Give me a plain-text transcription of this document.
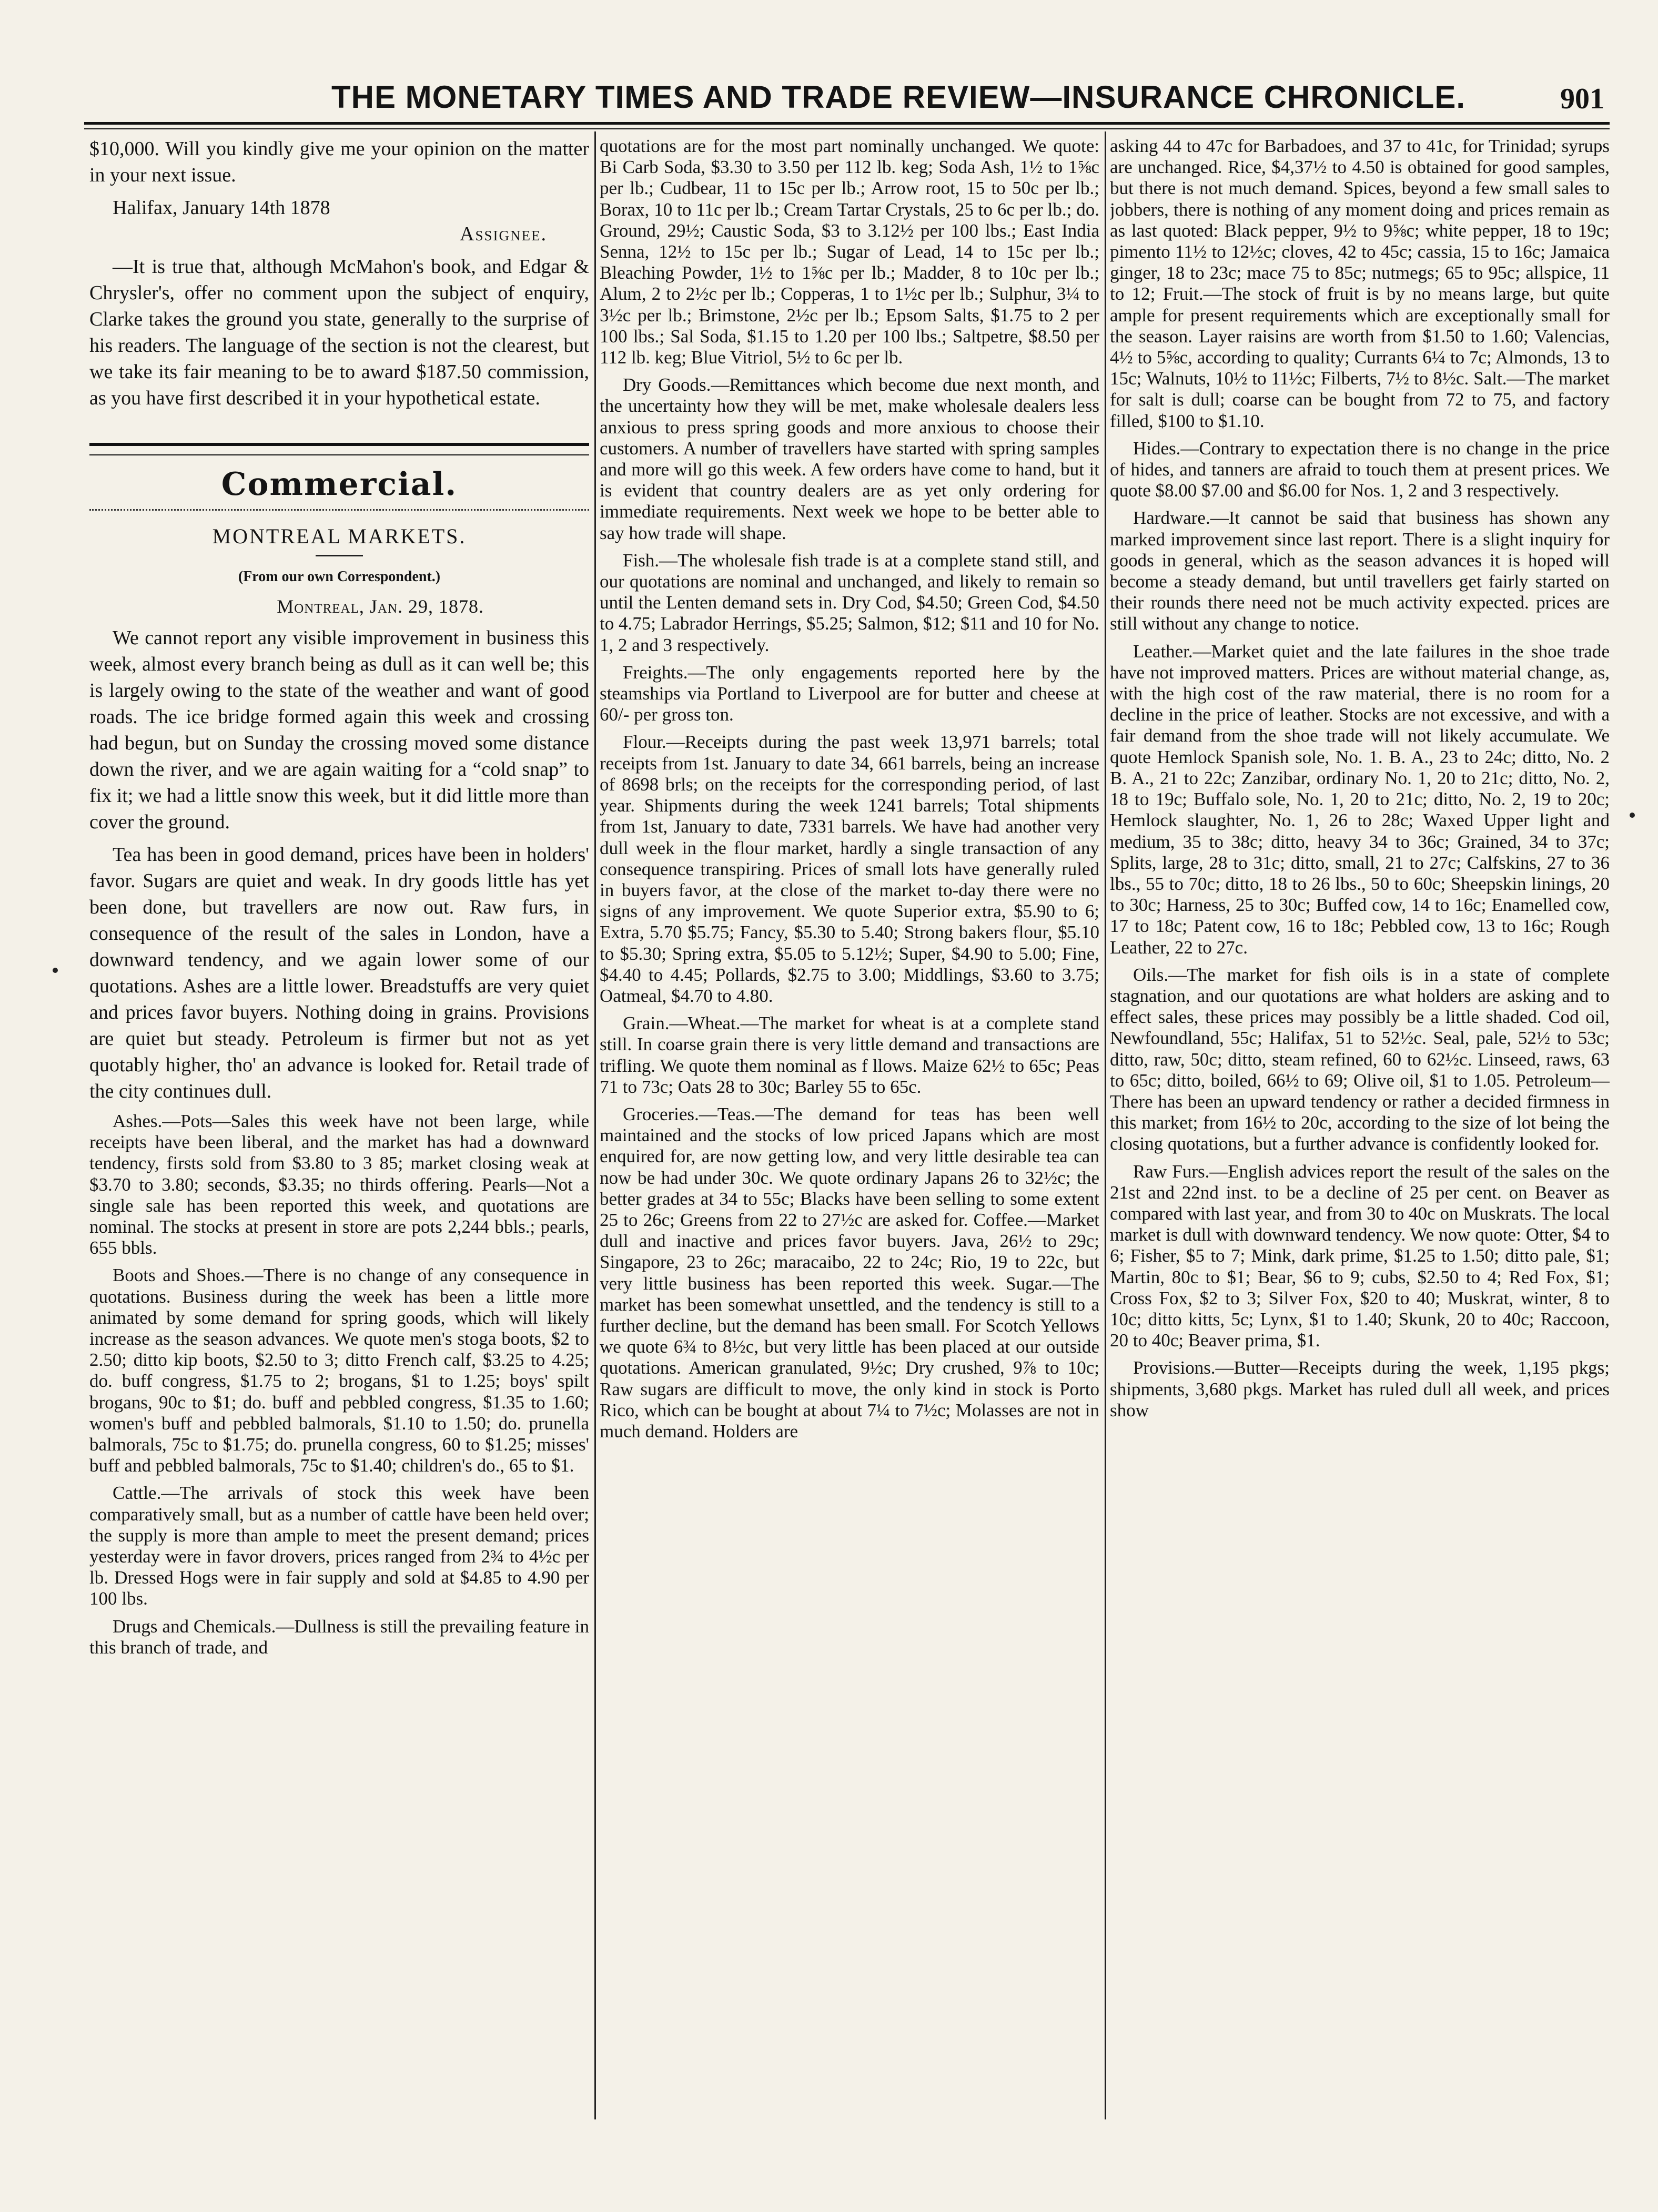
THE MONETARY TIMES AND TRADE REVIEW—INSURANCE CHRONICLE.	901

$10,000. Will you kindly give me your opinion on the matter in your next issue.

Halifax, January 14th 1878

Assignee.

—It is true that, although McMahon's book, and Edgar & Chrysler's, offer no comment upon the subject of enquiry, Clarke takes the ground you state, generally to the surprise of his readers. The language of the section is not the clearest, but we take its fair meaning to be to award $187.50 commission, as you have first described it in your hypothetical estate.

Commercial.
MONTREAL MARKETS.
(From our own Correspondent.)
Montreal, Jan. 29, 1878.

We cannot report any visible improvement in business this week, almost every branch being as dull as it can well be; this is largely owing to the state of the weather and want of good roads. The ice bridge formed again this week and crossing had begun, but on Sunday the crossing moved some distance down the river, and we are again waiting for a “cold snap” to fix it; we had a little snow this week, but it did little more than cover the ground.

Tea has been in good demand, prices have been in holders' favor. Sugars are quiet and weak. In dry goods little has yet been done, but travellers are now out. Raw furs, in consequence of the result of the sales in London, have a downward tendency, and we again lower some of our quotations. Ashes are a little lower. Breadstuffs are very quiet and prices favor buyers. Nothing doing in grains. Provisions are quiet but steady. Petroleum is firmer but not as yet quotably higher, tho' an advance is looked for. Retail trade of the city continues dull.

Ashes.—Pots—Sales this week have not been large, while receipts have been liberal, and the market has had a downward tendency, firsts sold from $3.80 to 3 85; market closing weak at $3.70 to 3.80; seconds, $3.35; no thirds offering. Pearls—Not a single sale has been reported this week, and quotations are nominal. The stocks at present in store are pots 2,244 bbls.; pearls, 655 bbls.

Boots and Shoes.—There is no change of any consequence in quotations. Business during the week has been a little more animated by some demand for spring goods, which will likely increase as the season advances. We quote men's stoga boots, $2 to 2.50; ditto kip boots, $2.50 to 3; ditto French calf, $3.25 to 4.25; do. buff congress, $1.75 to 2; brogans, $1 to 1.25; boys' spilt brogans, 90c to $1; do. buff and pebbled congress, $1.35 to 1.60; women's buff and pebbled balmorals, $1.10 to 1.50; do. prunella balmorals, 75c to $1.75; do. prunella congress, 60 to $1.25; misses' buff and pebbled balmorals, 75c to $1.40; children's do., 65 to $1.

Cattle.—The arrivals of stock this week have been comparatively small, but as a number of cattle have been held over; the supply is more than ample to meet the present demand; prices yesterday were in favor drovers, prices ranged from 2¾ to 4½c per lb. Dressed Hogs were in fair supply and sold at $4.85 to 4.90 per 100 lbs.

Drugs and Chemicals.—Dullness is still the prevailing feature in this branch of trade, and

quotations are for the most part nominally unchanged. We quote: Bi Carb Soda, $3.30 to 3.50 per 112 lb. keg; Soda Ash, 1½ to 1⅝c per lb.; Cudbear, 11 to 15c per lb.; Arrow root, 15 to 50c per lb.; Borax, 10 to 11c per lb.; Cream Tartar Crystals, 25 to 6c per lb.; do. Ground, 29½; Caustic Soda, $3 to 3.12½ per 100 lbs.; East India Senna, 12½ to 15c per lb.; Sugar of Lead, 14 to 15c per lb.; Bleaching Powder, 1½ to 1⅝c per lb.; Madder, 8 to 10c per lb.; Alum, 2 to 2½c per lb.; Copperas, 1 to 1½c per lb.; Sulphur, 3¼ to 3½c per lb.; Brimstone, 2½c per lb.; Epsom Salts, $1.75 to 2 per 100 lbs.; Sal Soda, $1.15 to 1.20 per 100 lbs.; Saltpetre, $8.50 per 112 lb. keg; Blue Vitriol, 5½ to 6c per lb.

Dry Goods.—Remittances which become due next month, and the uncertainty how they will be met, make wholesale dealers less anxious to press spring goods and more anxious to choose their customers. A number of travellers have started with spring samples and more will go this week. A few orders have come to hand, but it is evident that country dealers are as yet only ordering for immediate requirements. Next week we hope to be better able to say how trade will shape.

Fish.—The wholesale fish trade is at a complete stand still, and our quotations are nominal and unchanged, and likely to remain so until the Lenten demand sets in. Dry Cod, $4.50; Green Cod, $4.50 to 4.75; Labrador Herrings, $5.25; Salmon, $12; $11 and 10 for No. 1, 2 and 3 respectively.

Freights.—The only engagements reported here by the steamships via Portland to Liverpool are for butter and cheese at 60/- per gross ton.

Flour.—Receipts during the past week 13,971 barrels; total receipts from 1st. January to date 34, 661 barrels, being an increase of 8698 brls; on the receipts for the corresponding period, of last year. Shipments during the week 1241 barrels; Total shipments from 1st, January to date, 7331 barrels. We have had another very dull week in the flour market, hardly a single transaction of any consequence transpiring. Prices of small lots have generally ruled in buyers favor, at the close of the market to-day there were no signs of any improvement. We quote Superior extra, $5.90 to 6; Extra, 5.70 $5.75; Fancy, $5.30 to 5.40; Strong bakers flour, $5.10 to $5.30; Spring extra, $5.05 to 5.12½; Super, $4.90 to 5.00; Fine, $4.40 to 4.45; Pollards, $2.75 to 3.00; Middlings, $3.60 to 3.75; Oatmeal, $4.70 to 4.80.

Grain.—Wheat.—The market for wheat is at a complete stand still. In coarse grain there is very little demand and transactions are trifling. We quote them nominal as f llows. Maize 62½ to 65c; Peas 71 to 73c; Oats 28 to 30c; Barley 55 to 65c.

Groceries.—Teas.—The demand for teas has been well maintained and the stocks of low priced Japans which are most enquired for, are now getting low, and very little desirable tea can now be had under 30c. We quote ordinary Japans 26 to 32½c; the better grades at 34 to 55c; Blacks have been selling to some extent 25 to 26c; Greens from 22 to 27½c are asked for. Coffee.—Market dull and inactive and prices favor buyers. Java, 26½ to 29c; Singapore, 23 to 26c; maracaibo, 22 to 24c; Rio, 19 to 22c, but very little business has been reported this week. Sugar.—The market has been somewhat unsettled, and the tendency is still to a further decline, but the demand has been small. For Scotch Yellows we quote 6¾ to 8½c, but very little has been placed at our outside quotations. American granulated, 9½c; Dry crushed, 9⅞ to 10c; Raw sugars are difficult to move, the only kind in stock is Porto Rico, which can be bought at about 7¼ to 7½c; Molasses are not in much demand. Holders are

asking 44 to 47c for Barbadoes, and 37 to 41c, for Trinidad; syrups are unchanged. Rice, $4,37½ to 4.50 is obtained for good samples, but there is not much demand. Spices, beyond a few small sales to jobbers, there is nothing of any moment doing and prices remain as as last quoted: Black pepper, 9½ to 9⅝c; white pepper, 18 to 19c; pimento 11½ to 12½c; cloves, 42 to 45c; cassia, 15 to 16c; Jamaica ginger, 18 to 23c; mace 75 to 85c; nutmegs; 65 to 95c; allspice, 11 to 12; Fruit.—The stock of fruit is by no means large, but quite ample for present requirements which are exceptionally small for the season. Layer raisins are worth from $1.50 to 1.60; Valencias, 4½ to 5⅝c, according to quality; Currants 6¼ to 7c; Almonds, 13 to 15c; Walnuts, 10½ to 11½c; Filberts, 7½ to 8½c. Salt.—The market for salt is dull; coarse can be bought from 72 to 75, and factory filled, $100 to $1.10.

Hides.—Contrary to expectation there is no change in the price of hides, and tanners are afraid to touch them at present prices. We quote $8.00 $7.00 and $6.00 for Nos. 1, 2 and 3 respectively.

Hardware.—It cannot be said that business has shown any marked improvement since last report. There is a slight inquiry for goods in general, which as the season advances it is hoped will become a steady demand, but until travellers get fairly started on their rounds there need not be much activity expected. prices are still without any change to notice.

Leather.—Market quiet and the late failures in the shoe trade have not improved matters. Prices are without material change, as, with the high cost of the raw material, there is no room for a decline in the price of leather. Stocks are not excessive, and with a fair demand from the shoe trade will not likely accumulate. We quote Hemlock Spanish sole, No. 1. B. A., 23 to 24c; ditto, No. 2 B. A., 21 to 22c; Zanzibar, ordinary No. 1, 20 to 21c; ditto, No. 2, 18 to 19c; Buffalo sole, No. 1, 20 to 21c; ditto, No. 2, 19 to 20c; Hemlock slaughter, No. 1, 26 to 28c; Waxed Upper light and medium, 35 to 38c; ditto, heavy 34 to 36c; Grained, 34 to 37c; Splits, large, 28 to 31c; ditto, small, 21 to 27c; Calfskins, 27 to 36 lbs., 55 to 70c; ditto, 18 to 26 lbs., 50 to 60c; Sheepskin linings, 20 to 30c; Harness, 25 to 30c; Buffed cow, 14 to 16c; Enamelled cow, 17 to 18c; Patent cow, 16 to 18c; Pebbled cow, 13 to 16c; Rough Leather, 22 to 27c.

Oils.—The market for fish oils is in a state of complete stagnation, and our quotations are what holders are asking and to effect sales, these prices may possibly be a little shaded. Cod oil, Newfoundland, 55c; Halifax, 51 to 52½c. Seal, pale, 52½ to 53c; ditto, raw, 50c; ditto, steam refined, 60 to 62½c. Linseed, raws, 63 to 65c; ditto, boiled, 66½ to 69; Olive oil, $1 to 1.05. Petroleum—There has been an upward tendency or rather a decided firmness in this market; from 16½ to 20c, according to the size of lot being the closing quotations, but a further advance is confidently looked for.

Raw Furs.—English advices report the result of the sales on the 21st and 22nd inst. to be a decline of 25 per cent. on Beaver as compared with last year, and from 30 to 40c on Muskrats. The local market is dull with downward tendency. We now quote: Otter, $4 to 6; Fisher, $5 to 7; Mink, dark prime, $1.25 to 1.50; ditto pale, $1; Martin, 80c to $1; Bear, $6 to 9; cubs, $2.50 to 4; Red Fox, $1; Cross Fox, $2 to 3; Silver Fox, $20 to 40; Muskrat, winter, 8 to 10c; ditto kitts, 5c; Lynx, $1 to 1.40; Skunk, 20 to 40c; Raccoon, 20 to 40c; Beaver prima, $1.

Provisions.—Butter—Receipts during the week, 1,195 pkgs; shipments, 3,680 pkgs. Market has ruled dull all week, and prices show
